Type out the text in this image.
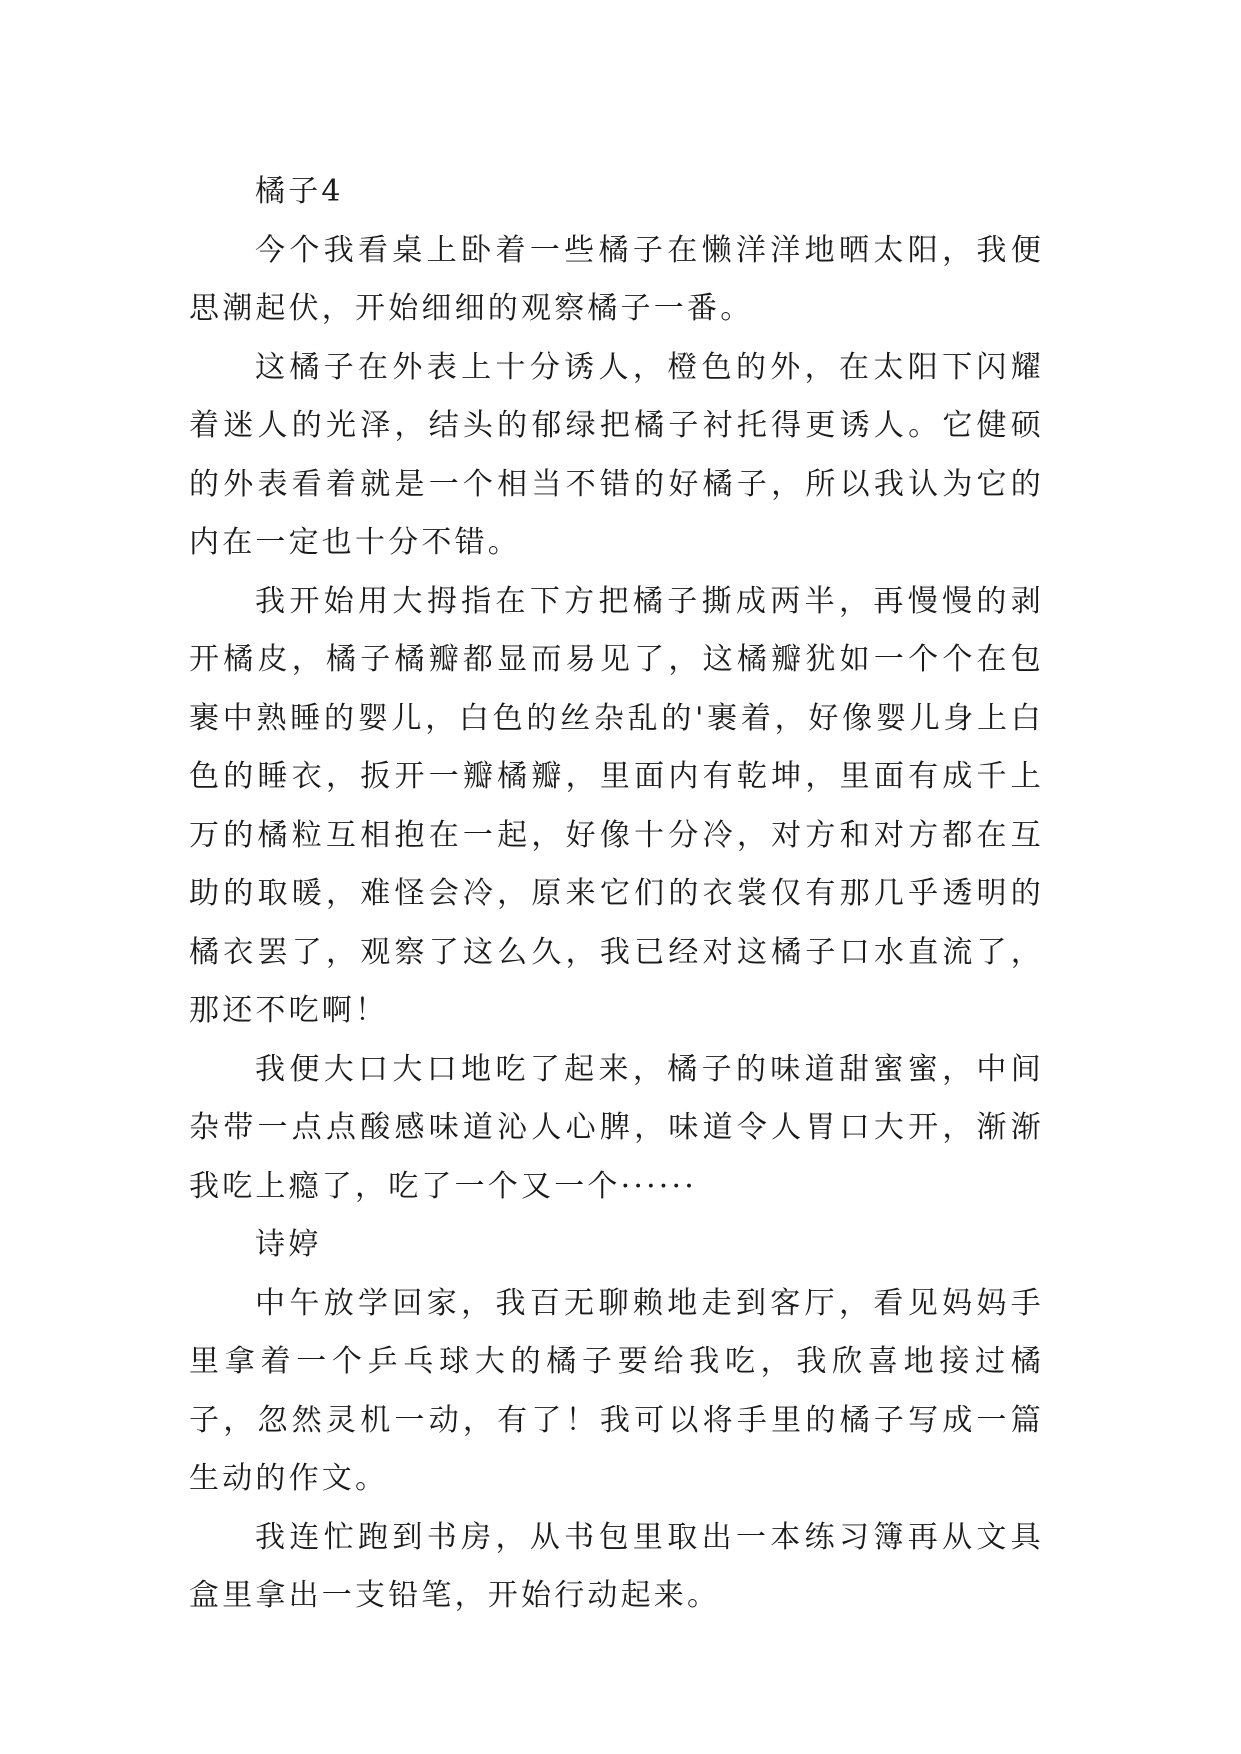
橘子4

今个我看桌上卧着一些橘子在懒洋洋地晒太阳，我便思潮起伏，开始细细的观察橘子一番。

这橘子在外表上十分诱人，橙色的外，在太阳下闪耀着迷人的光泽，结头的郁绿把橘子衬托得更诱人。它健硕的外表看着就是一个相当不错的好橘子，所以我认为它的内在一定也十分不错。

我开始用大拇指在下方把橘子撕成两半，再慢慢的剥开橘皮，橘子橘瓣都显而易见了，这橘瓣犹如一个个在包裹中熟睡的婴儿，白色的丝杂乱的'裹着，好像婴儿身上白色的睡衣，扳开一瓣橘瓣，里面内有乾坤，里面有成千上万的橘粒互相抱在一起，好像十分冷，对方和对方都在互助的取暖，难怪会冷，原来它们的衣裳仅有那几乎透明的橘衣罢了，观察了这么久，我已经对这橘子口水直流了，那还不吃啊！

我便大口大口地吃了起来，橘子的味道甜蜜蜜，中间杂带一点点酸感味道沁人心脾，味道令人胃口大开，渐渐我吃上瘾了，吃了一个又一个······

诗婷

中午放学回家，我百无聊赖地走到客厅，看见妈妈手里拿着一个乒乓球大的橘子要给我吃，我欣喜地接过橘子，忽然灵机一动，有了！我可以将手里的橘子写成一篇生动的作文。

我连忙跑到书房，从书包里取出一本练习簿再从文具盒里拿出一支铅笔，开始行动起来。
